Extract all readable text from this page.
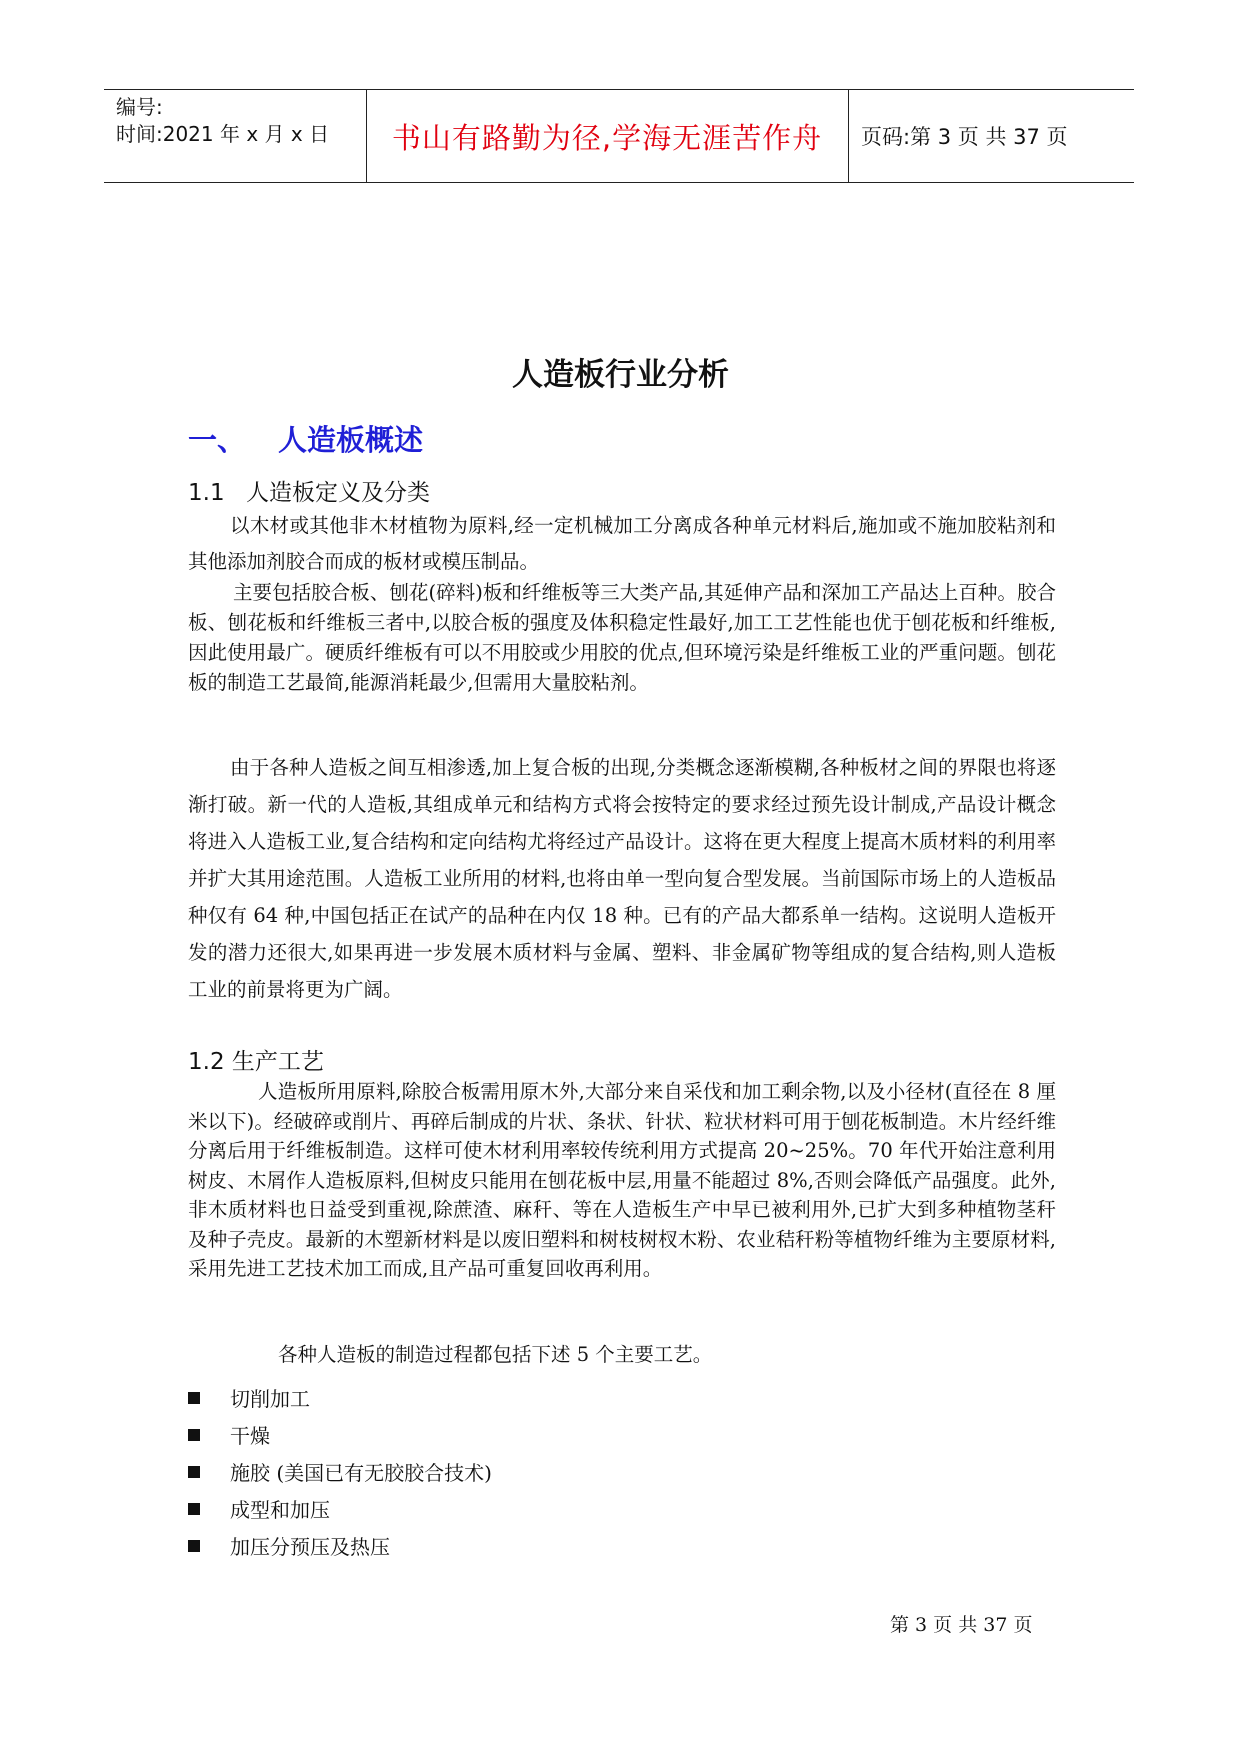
编号:
时间:2021 年 x 月 x 日	书山有路勤为径,学海无涯苦作舟	页码:第 3 页 共 37 页
人造板行业分析
一、 人造板概述
1.1 人造板定义及分类
以木材或其他非木材植物为原料,经一定机械加工分离成各种单元材料后,施加或不施加胶粘剂和其他添加剂胶合而成的板材或模压制品。
主要包括胶合板、刨花(碎料)板和纤维板等三大类产品,其延伸产品和深加工产品达上百种。胶合板、刨花板和纤维板三者中,以胶合板的强度及体积稳定性最好,加工工艺性能也优于刨花板和纤维板,因此使用最广。硬质纤维板有可以不用胶或少用胶的优点,但环境污染是纤维板工业的严重问题。刨花板的制造工艺最简,能源消耗最少,但需用大量胶粘剂。
由于各种人造板之间互相渗透,加上复合板的出现,分类概念逐渐模糊,各种板材之间的界限也将逐渐打破。新一代的人造板,其组成单元和结构方式将会按特定的要求经过预先设计制成,产品设计概念将进入人造板工业,复合结构和定向结构尤将经过产品设计。这将在更大程度上提高木质材料的利用率并扩大其用途范围。人造板工业所用的材料,也将由单一型向复合型发展。当前国际市场上的人造板品种仅有 64 种,中国包括正在试产的品种在内仅 18 种。已有的产品大都系单一结构。这说明人造板开发的潜力还很大,如果再进一步发展木质材料与金属、塑料、非金属矿物等组成的复合结构,则人造板工业的前景将更为广阔。
1.2 生产工艺
人造板所用原料,除胶合板需用原木外,大部分来自采伐和加工剩余物,以及小径材(直径在 8 厘米以下)。经破碎或削片、再碎后制成的片状、条状、针状、粒状材料可用于刨花板制造。木片经纤维分离后用于纤维板制造。这样可使木材利用率较传统利用方式提高 20~25%。70 年代开始注意利用树皮、木屑作人造板原料,但树皮只能用在刨花板中层,用量不能超过 8%,否则会降低产品强度。此外,非木质材料也日益受到重视,除蔗渣、麻秆、等在人造板生产中早已被利用外,已扩大到多种植物茎秆及种子壳皮。最新的木塑新材料是以废旧塑料和树枝树杈木粉、农业秸秆粉等植物纤维为主要原材料,采用先进工艺技术加工而成,且产品可重复回收再利用。
各种人造板的制造过程都包括下述 5 个主要工艺。
切削加工
干燥
施胶 (美国已有无胶胶合技术)
成型和加压
加压分预压及热压
第 3 页 共 37 页
